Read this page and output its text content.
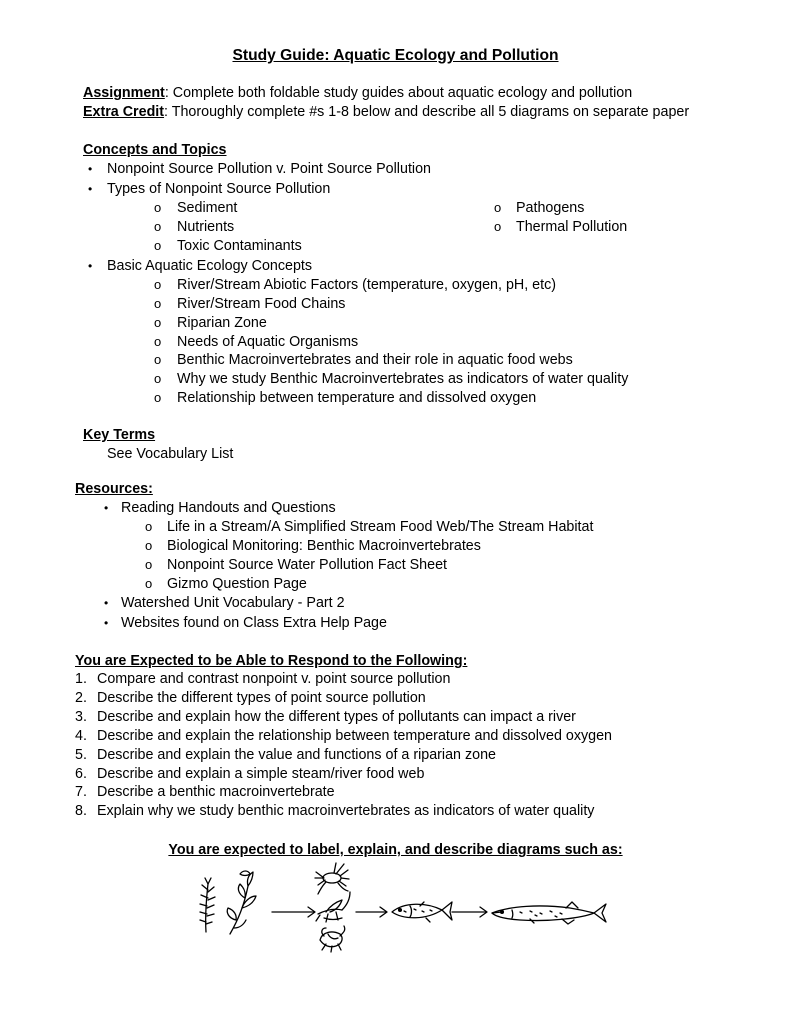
Study Guide: Aquatic Ecology and Pollution
Assignment: Complete both foldable study guides about aquatic ecology and pollution
Extra Credit: Thoroughly complete #s 1-8 below and describe all 5 diagrams on separate paper
Concepts and Topics
• Nonpoint Source Pollution v. Point Source Pollution
• Types of Nonpoint Source Pollution
o Sediment
o Nutrients
o Toxic Contaminants
o Pathogens
o Thermal Pollution
• Basic Aquatic Ecology Concepts
o River/Stream Abiotic Factors (temperature, oxygen, pH, etc)
o River/Stream Food Chains
o Riparian Zone
o Needs of Aquatic Organisms
o Benthic Macroinvertebrates and their role in aquatic food webs
o Why we study Benthic Macroinvertebrates as indicators of water quality
o Relationship between temperature and dissolved oxygen
Key Terms
See Vocabulary List
Resources:
• Reading Handouts and Questions
o Life in a Stream/A Simplified Stream Food Web/The Stream Habitat
o Biological Monitoring: Benthic Macroinvertebrates
o Nonpoint Source Water Pollution Fact Sheet
o Gizmo Question Page
• Watershed Unit Vocabulary - Part 2
• Websites found on Class Extra Help Page
You are Expected to be Able to Respond to the Following:
1. Compare and contrast nonpoint v. point source pollution
2. Describe the different types of point source pollution
3. Describe and explain how the different types of pollutants can impact a river
4. Describe and explain the relationship between temperature and dissolved oxygen
5. Describe and explain the value and functions of a riparian zone
6. Describe and explain a simple steam/river food web
7. Describe a benthic macroinvertebrate
8. Explain why we study benthic macroinvertebrates as indicators of water quality
You are expected to label, explain, and describe diagrams such as:
